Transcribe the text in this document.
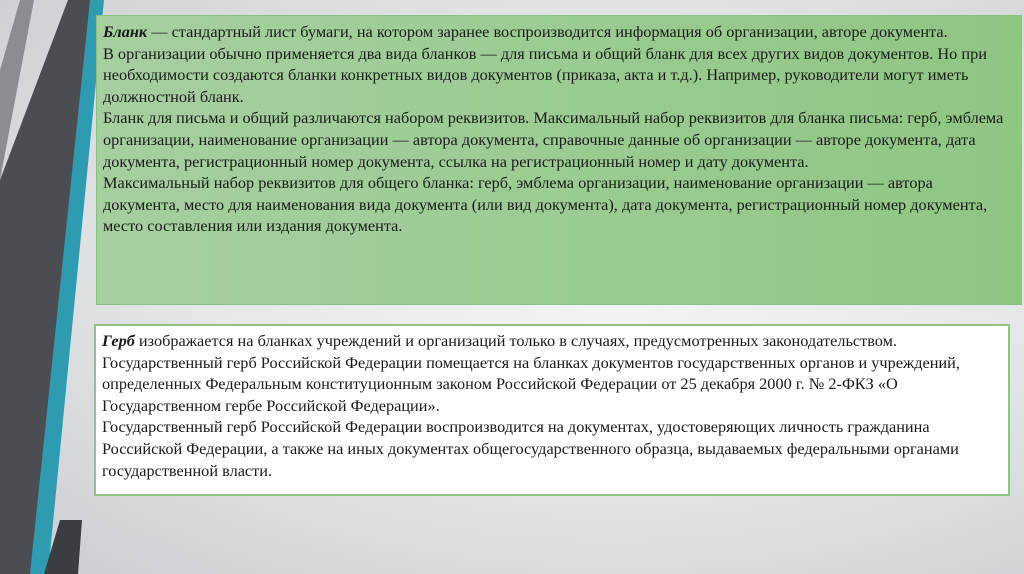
Бланк — стандартный лист бумаги, на котором заранее воспроизводится информация об организации, авторе документа.

В организации обычно применяется два вида бланков — для письма и общий бланк для всех других видов документов. Но при необходимости создаются бланки конкретных видов документов (приказа, акта и т.д.). Например, руководители могут иметь должностной бланк.

Бланк для письма и общий различаются набором реквизитов. Максимальный набор реквизитов для бланка письма: герб, эмблема организации, наименование организации — автора документа, справочные данные об организации — авторе документа, дата документа, регистрационный номер документа, ссылка на регистрационный номер и дату документа.

Максимальный набор реквизитов для общего бланка: герб, эмблема организации, наименование организации — автора документа, место для наименования вида документа (или вид документа), дата документа, регистрационный номер документа, место составления или издания документа.

Герб изображается на бланках учреждений и организаций только в случаях, предусмотренных законодательством. Государственный герб Российской Федерации помещается на бланках документов государственных органов и учреждений, определенных Федеральным конституционным законом Российской Федерации от 25 декабря 2000 г. № 2-ФКЗ «О Государственном гербе Российской Федерации».

Государственный герб Российской Федерации воспроизводится на документах, удостоверяющих личность гражданина Российской Федерации, а также на иных документах общегосударственного образца, выдаваемых федеральными органами государственной власти.
